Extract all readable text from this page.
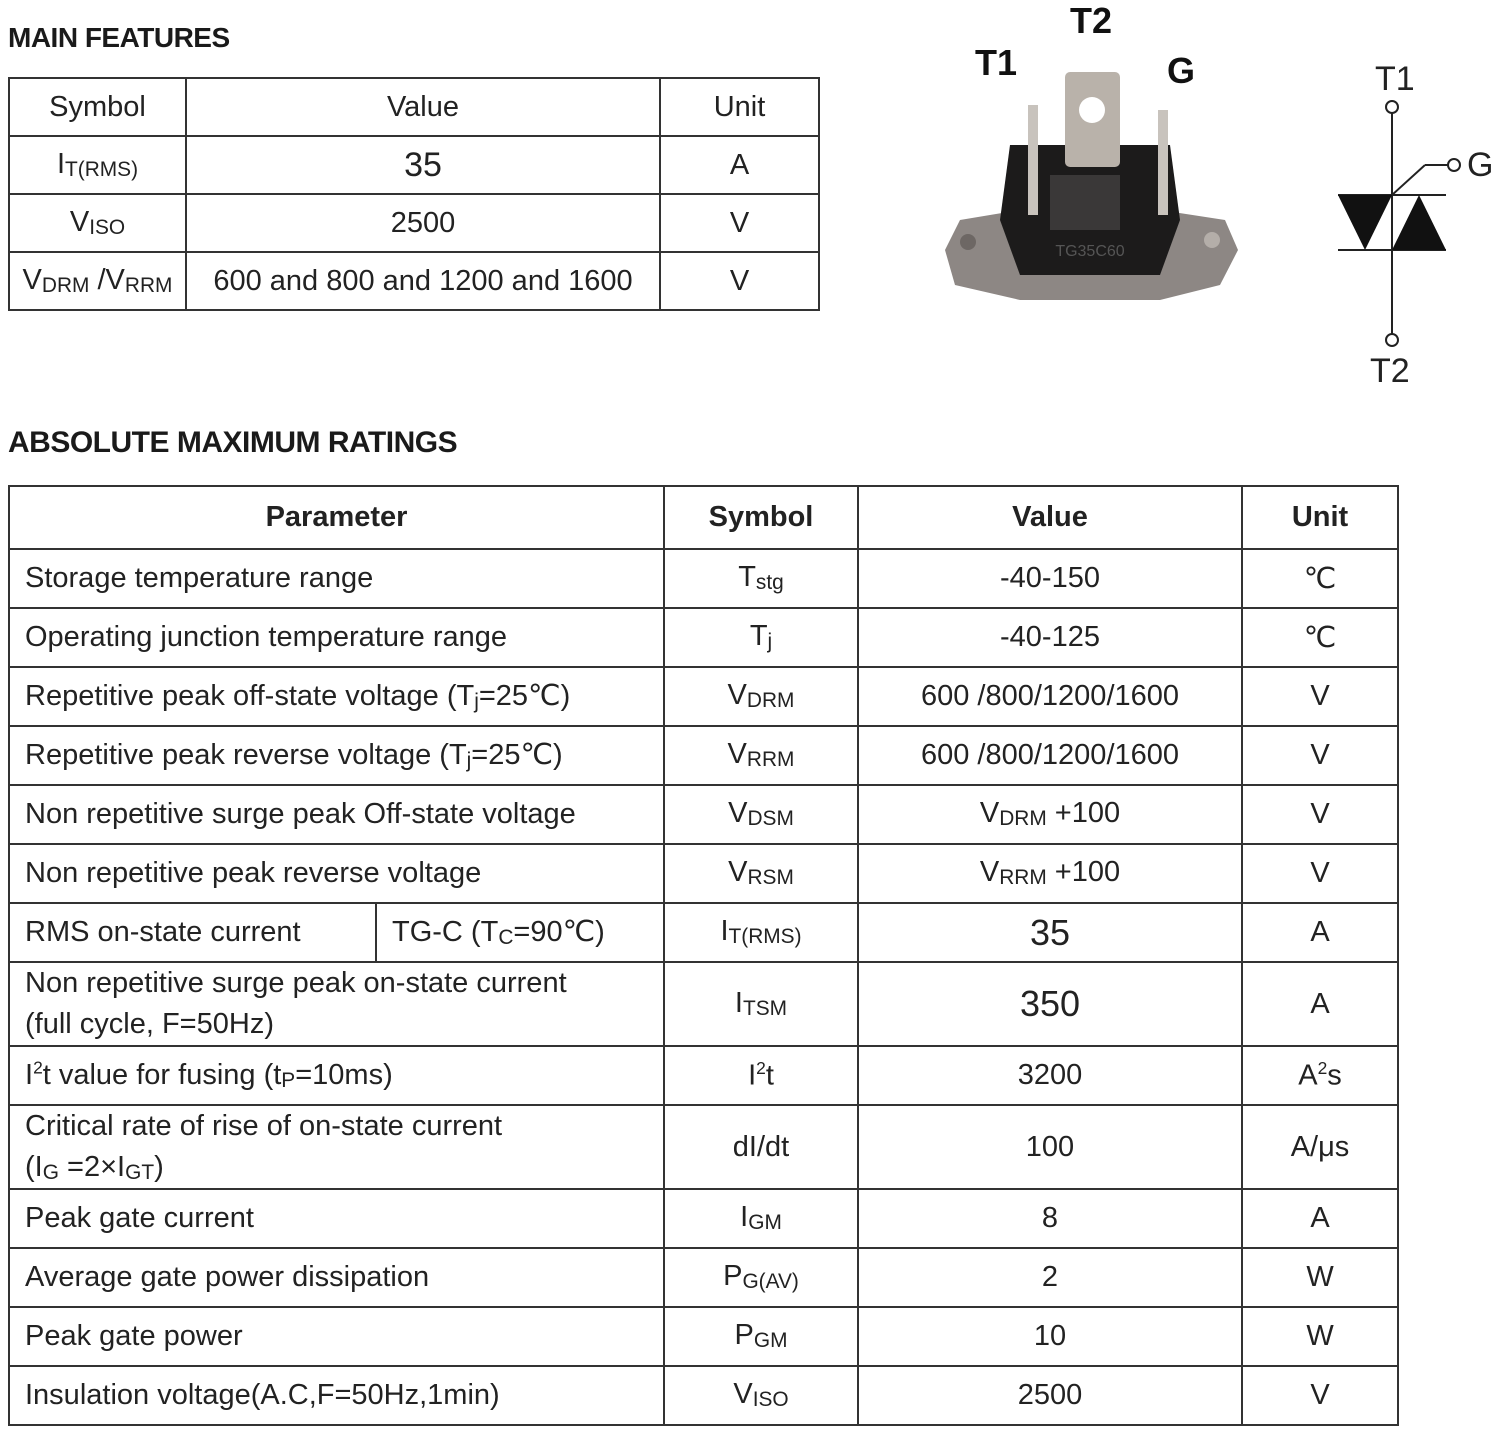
MAIN FEATURES
Symbol	Value	Unit
$I_{T(RMS)}$	35	A
$V_{ISO}$	2500	V
$V_{DRM}$ $/V_{RRM}$	600 and 800 and 1200 and 1600	V
T1
T2
G
TG35C60
T1
G
T2
ABSOLUTE MAXIMUM RATINGS
Parameter		Symbol	Value	Unit
Storage temperature range		$T_{stg}$	-40-150	℃
Operating junction temperature range		$T_j$	-40-125	℃
Repetitive peak off-state voltage $(T_j=25℃)$		$V_{DRM}$	600 /800/1200/1600	V
Repetitive peak reverse voltage $(T_j=25℃)$		$V_{RRM}$	600 /800/1200/1600	V
Non repetitive surge peak Off-state voltage		$V_{DSM}$	$V_{DRM} +100$	V
Non repetitive peak reverse voltage		$V_{RSM}$	$V_{RRM} +100$	V
RMS on-state current	TG-C $(T_C=90℃)$	$I_{T(RMS)}$	35	A
Non repetitive surge peak on-state current
(full cycle, F=50Hz)		$I_{TSM}$	350	A
$I^2t$ value for fusing $(t_P=10ms)$		$I^2t$	3200	$A^2s$
Critical rate of rise of on-state current
$(I_G =2\times I_{GT})$		dI/dt	100	A/μs
Peak gate current		$I_{GM}$	8	A
Average gate power dissipation		$P_{G(AV)}$	2	W
Peak gate power		$P_{GM}$	10	W
Insulation voltage(A.C,F=50Hz,1min)		$V_{ISO}$	2500	V
